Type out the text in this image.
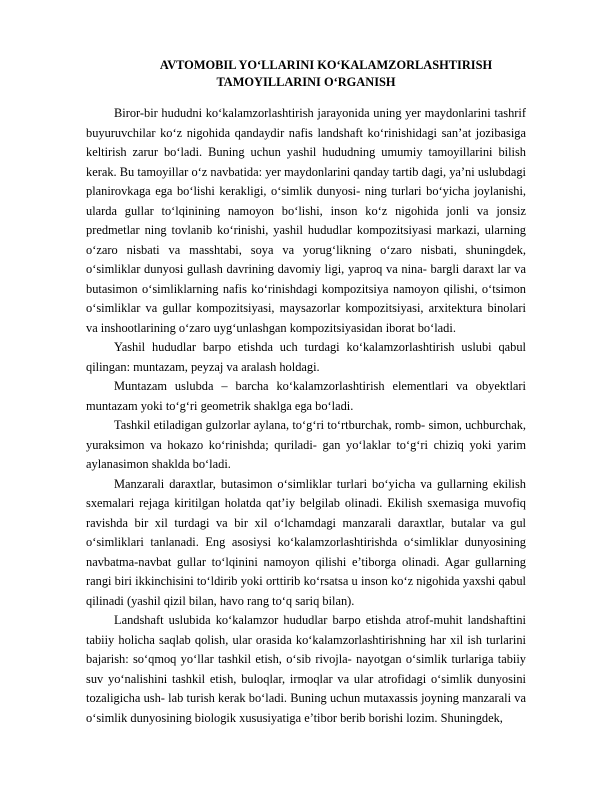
AVTOMOBIL YO‘LLARINI KO‘KALAMZORLASHTIRISH
TAMOYILLARINI O‘RGANISH

Biror-bir hududni ko‘kalamzorlashtirish jarayonida uning yer maydonlarini tashrif buyuruvchilar ko‘z nigohida qandaydir nafis landshaft ko‘rinishidagi san’at jozibasiga keltirish zarur bo‘ladi. Buning uchun yashil hududning umumiy tamoyillarini bilish kerak. Bu tamoyillar o‘z navbatida: yer maydonlarini qanday tartib dagi, ya’ni uslubdagi planirovkaga ega bo‘lishi kerakligi, o‘simlik dunyosi- ning turlari bo‘yicha joylanishi, ularda gullar to‘lqinining namoyon bo‘lishi, inson ko‘z nigohida jonli va jonsiz predmetlar ning tovlanib ko‘rinishi, yashil hududlar kompozitsiyasi markazi, ularning o‘zaro nisbati va masshtabi, soya va yorug‘likning o‘zaro nisbati, shuningdek, o‘simliklar dunyosi gullash davrining davomiy ligi, yaproq va nina- bargli daraxt lar va butasimon o‘simliklarning nafis ko‘rinishdagi kompozitsiya namoyon qilishi, o‘tsimon o‘simliklar va gullar kompozitsiyasi, maysazorlar kompozitsiyasi, arxitektura binolari va inshootlarining o‘zaro uyg‘unlashgan kompozitsiyasidan iborat bo‘ladi.

Yashil hududlar barpo etishda uch turdagi ko‘kalamzorlashtirish uslubi qabul qilingan: muntazam, peyzaj va aralash holdagi.

Muntazam uslubda – barcha ko‘kalamzorlashtirish elementlari va obyektlari muntazam yoki to‘g‘ri geometrik shaklga ega bo‘ladi.

Tashkil etiladigan gulzorlar aylana, to‘g‘ri to‘rtburchak, romb- simon, uchburchak, yuraksimon va hokazo ko‘rinishda; quriladi- gan yo‘laklar to‘g‘ri chiziq yoki yarim aylanasimon shaklda bo‘ladi.

Manzarali daraxtlar, butasimon o‘simliklar turlari bo‘yicha va gullarning ekilish sxemalari rejaga kiritilgan holatda qat’iy belgilab olinadi. Ekilish sxemasiga muvofiq ravishda bir xil turdagi va bir xil o‘lchamdagi manzarali daraxtlar, butalar va gul o‘simliklari tanlanadi. Eng asosiysi ko‘kalamzorlashtirishda o‘simliklar dunyosining navbatma-navbat gullar to‘lqinini namoyon qilishi e’tiborga olinadi. Agar gullarning rangi biri ikkinchisini to‘ldirib yoki orttirib ko‘rsatsa u inson ko‘z nigohida yaxshi qabul qilinadi (yashil qizil bilan, havo rang to‘q sariq bilan).

Landshaft uslubida ko‘kalamzor hududlar barpo etishda atrof-muhit landshaftini tabiiy holicha saqlab qolish, ular orasida ko‘kalamzorlashtirishning har xil ish turlarini bajarish: so‘qmoq yo‘llar tashkil etish, o‘sib rivojla- nayotgan o‘simlik turlariga tabiiy suv yo‘nalishini tashkil etish, buloqlar, irmoqlar va ular atrofidagi o‘simlik dunyosini tozaligicha ush- lab turish kerak bo‘ladi. Buning uchun mutaxassis joyning manzarali va o‘simlik dunyosining biologik xususiyatiga e’tibor berib borishi lozim. Shuningdek,
